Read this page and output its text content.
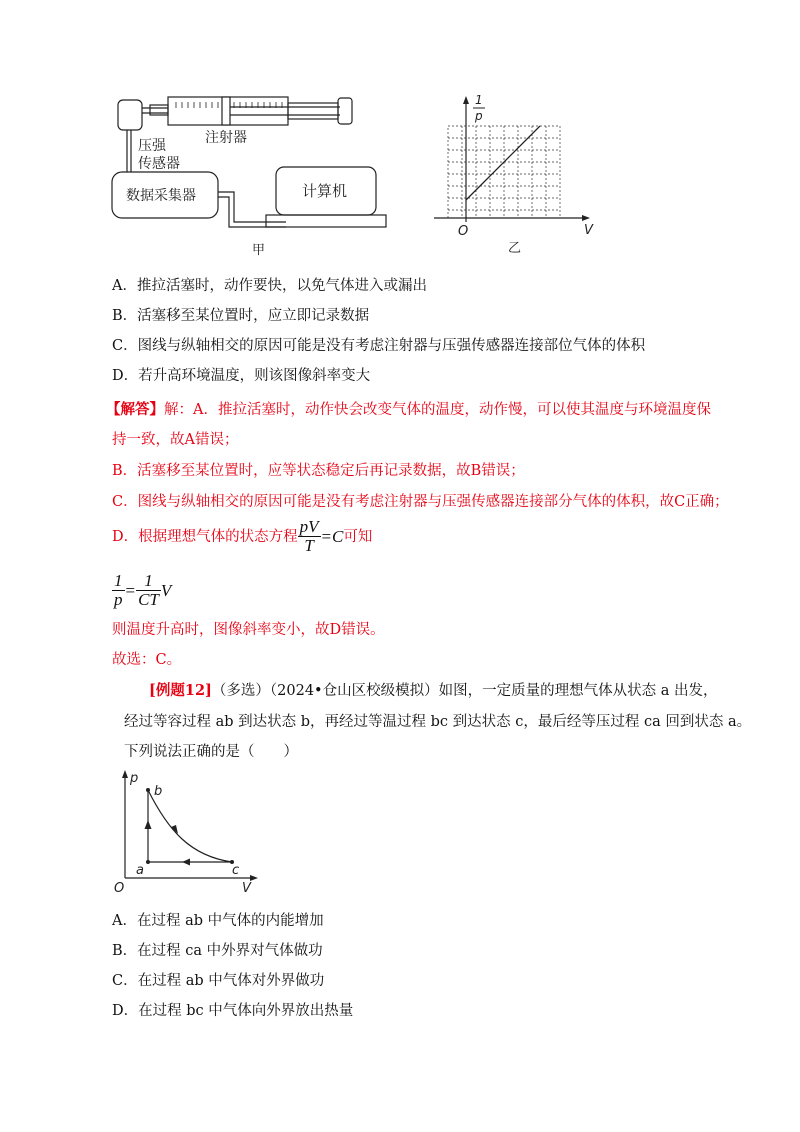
注射器
压强
传感器
数据采集器	计算机
甲
1
p
V
O
乙
A．推拉活塞时，动作要快，以免气体进入或漏出
B．活塞移至某位置时，应立即记录数据
C．图线与纵轴相交的原因可能是没有考虑注射器与压强传感器连接部位气体的体积
D．若升高环境温度，则该图像斜率变大
【解答】解：A．推拉活塞时，动作快会改变气体的温度，动作慢，可以使其温度与环境温度保
持一致，故A错误；
B．活塞移至某位置时，应等状态稳定后再记录数据，故B错误；
C．图线与纵轴相交的原因可能是没有考虑注射器与压强传感器连接部分气体的体积，故C正确；
D．根据理想气体的状态方程 $\frac{pV}{T} =C$ 可知
$\frac{1}{p} = \frac{1}{CT}$ V
则温度升高时，图像斜率变小，故D错误。
故选：C。
[例题12]（多选）（2024•仓山区校级模拟）如图，一定质量的理想气体从状态 a 出发，
经过等容过程 ab 到达状态 b，再经过等温过程 bc 到达状态 c，最后经等压过程 ca 回到状态 a。
下列说法正确的是（　　）
p
b
a	c
O	V
A．在过程 ab 中气体的内能增加
B．在过程 ca 中外界对气体做功
C．在过程 ab 中气体对外界做功
D．在过程 bc 中气体向外界放出热量
